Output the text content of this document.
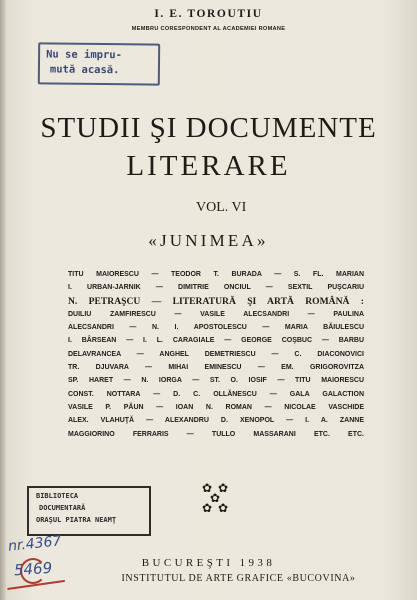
I. E. TOROUTIU
MEMBRU CORESPONDENT AL ACADEMIEI ROMANE
Nu se impru-
mută acasă.
STUDII ŞI DOCUMENTE
LITERARE
VOL. VI
«JUNIMEA»
TITU MAIORESCU — TEODOR T. BURADA — S. FL. MARIAN
I. URBAN-JARNIK — DIMITRIE ONCIUL — SEXTIL PUŞCARIU
N. PETRAŞCU — LITERATURĂ ŞI ARTĂ ROMÂNĂ :
DUILIU ZAMFIRESCU — VASILE ALECSANDRI — PAULINA
ALECSANDRI — N. I. APOSTOLESCU — MARIA BĂIULESCU
I. BÂRSEAN — I. L. CARAGIALE — GEORGE COŞBUC — BARBU
DELAVRANCEA — ANGHEL DEMETRIESCU — C. DIACONOVICI
TR. DJUVARA — MIHAI EMINESCU — EM. GRIGOROVITZA
SP. HARET — N. IORGA — ST. O. IOSIF — TITU MAIORESCU
CONST. NOTTARA — D. C. OLLĂNESCU — GALA GALACTION
VASILE P. PĂUN — IOAN N. ROMAN — NICOLAE VASCHIDE
ALEX. VLAHUŢĂ — ALEXANDRU D. XENOPOL — I. A. ZANNE
MAGGIORINO FERRARIS — TULLO MASSARANI ETC. ETC.
✿ ✿
✿
✿ ✿
BIBLIOTECA
DOCUMENTARĂ
ORAŞUL PIATRA NEAMŢ
nr.4367
5469	BUCUREŞTI 1938
INSTITUTUL DE ARTE GRAFICE «BUCOVINA»
